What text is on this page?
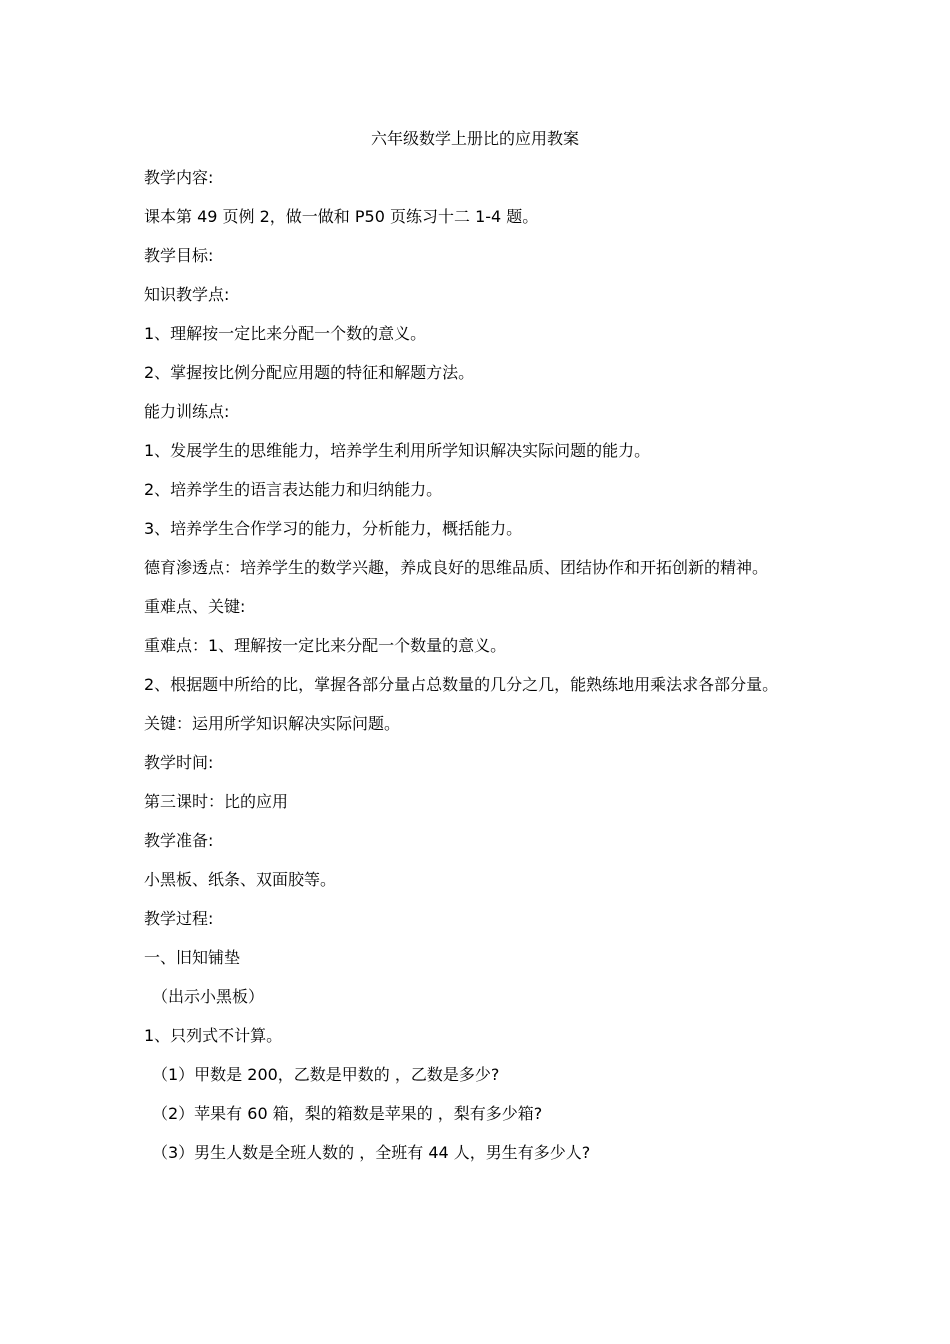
六年级数学上册比的应用教案

教学内容:

课本第 49 页例 2，做一做和 P50 页练习十二 1-4 题。

教学目标:

知识教学点:

1、理解按一定比来分配一个数的意义。

2、掌握按比例分配应用题的特征和解题方法。

能力训练点:

1、发展学生的思维能力，培养学生利用所学知识解决实际问题的能力。

2、培养学生的语言表达能力和归纳能力。

3、培养学生合作学习的能力，分析能力，概括能力。

德育渗透点：培养学生的数学兴趣，养成良好的思维品质、团结协作和开拓创新的精神。

重难点、关键:

重难点：1、理解按一定比来分配一个数量的意义。

2、根据题中所给的比，掌握各部分量占总数量的几分之几，能熟练地用乘法求各部分量。

关键：运用所学知识解决实际问题。

教学时间:

第三课时：比的应用

教学准备:

小黑板、纸条、双面胶等。

教学过程:

一、旧知铺垫

（出示小黑板）

1、只列式不计算。

（1）甲数是 200，乙数是甲数的 ，乙数是多少?

（2）苹果有 60 箱，梨的箱数是苹果的 ，梨有多少箱?

（3）男生人数是全班人数的 ，全班有 44 人，男生有多少人?
